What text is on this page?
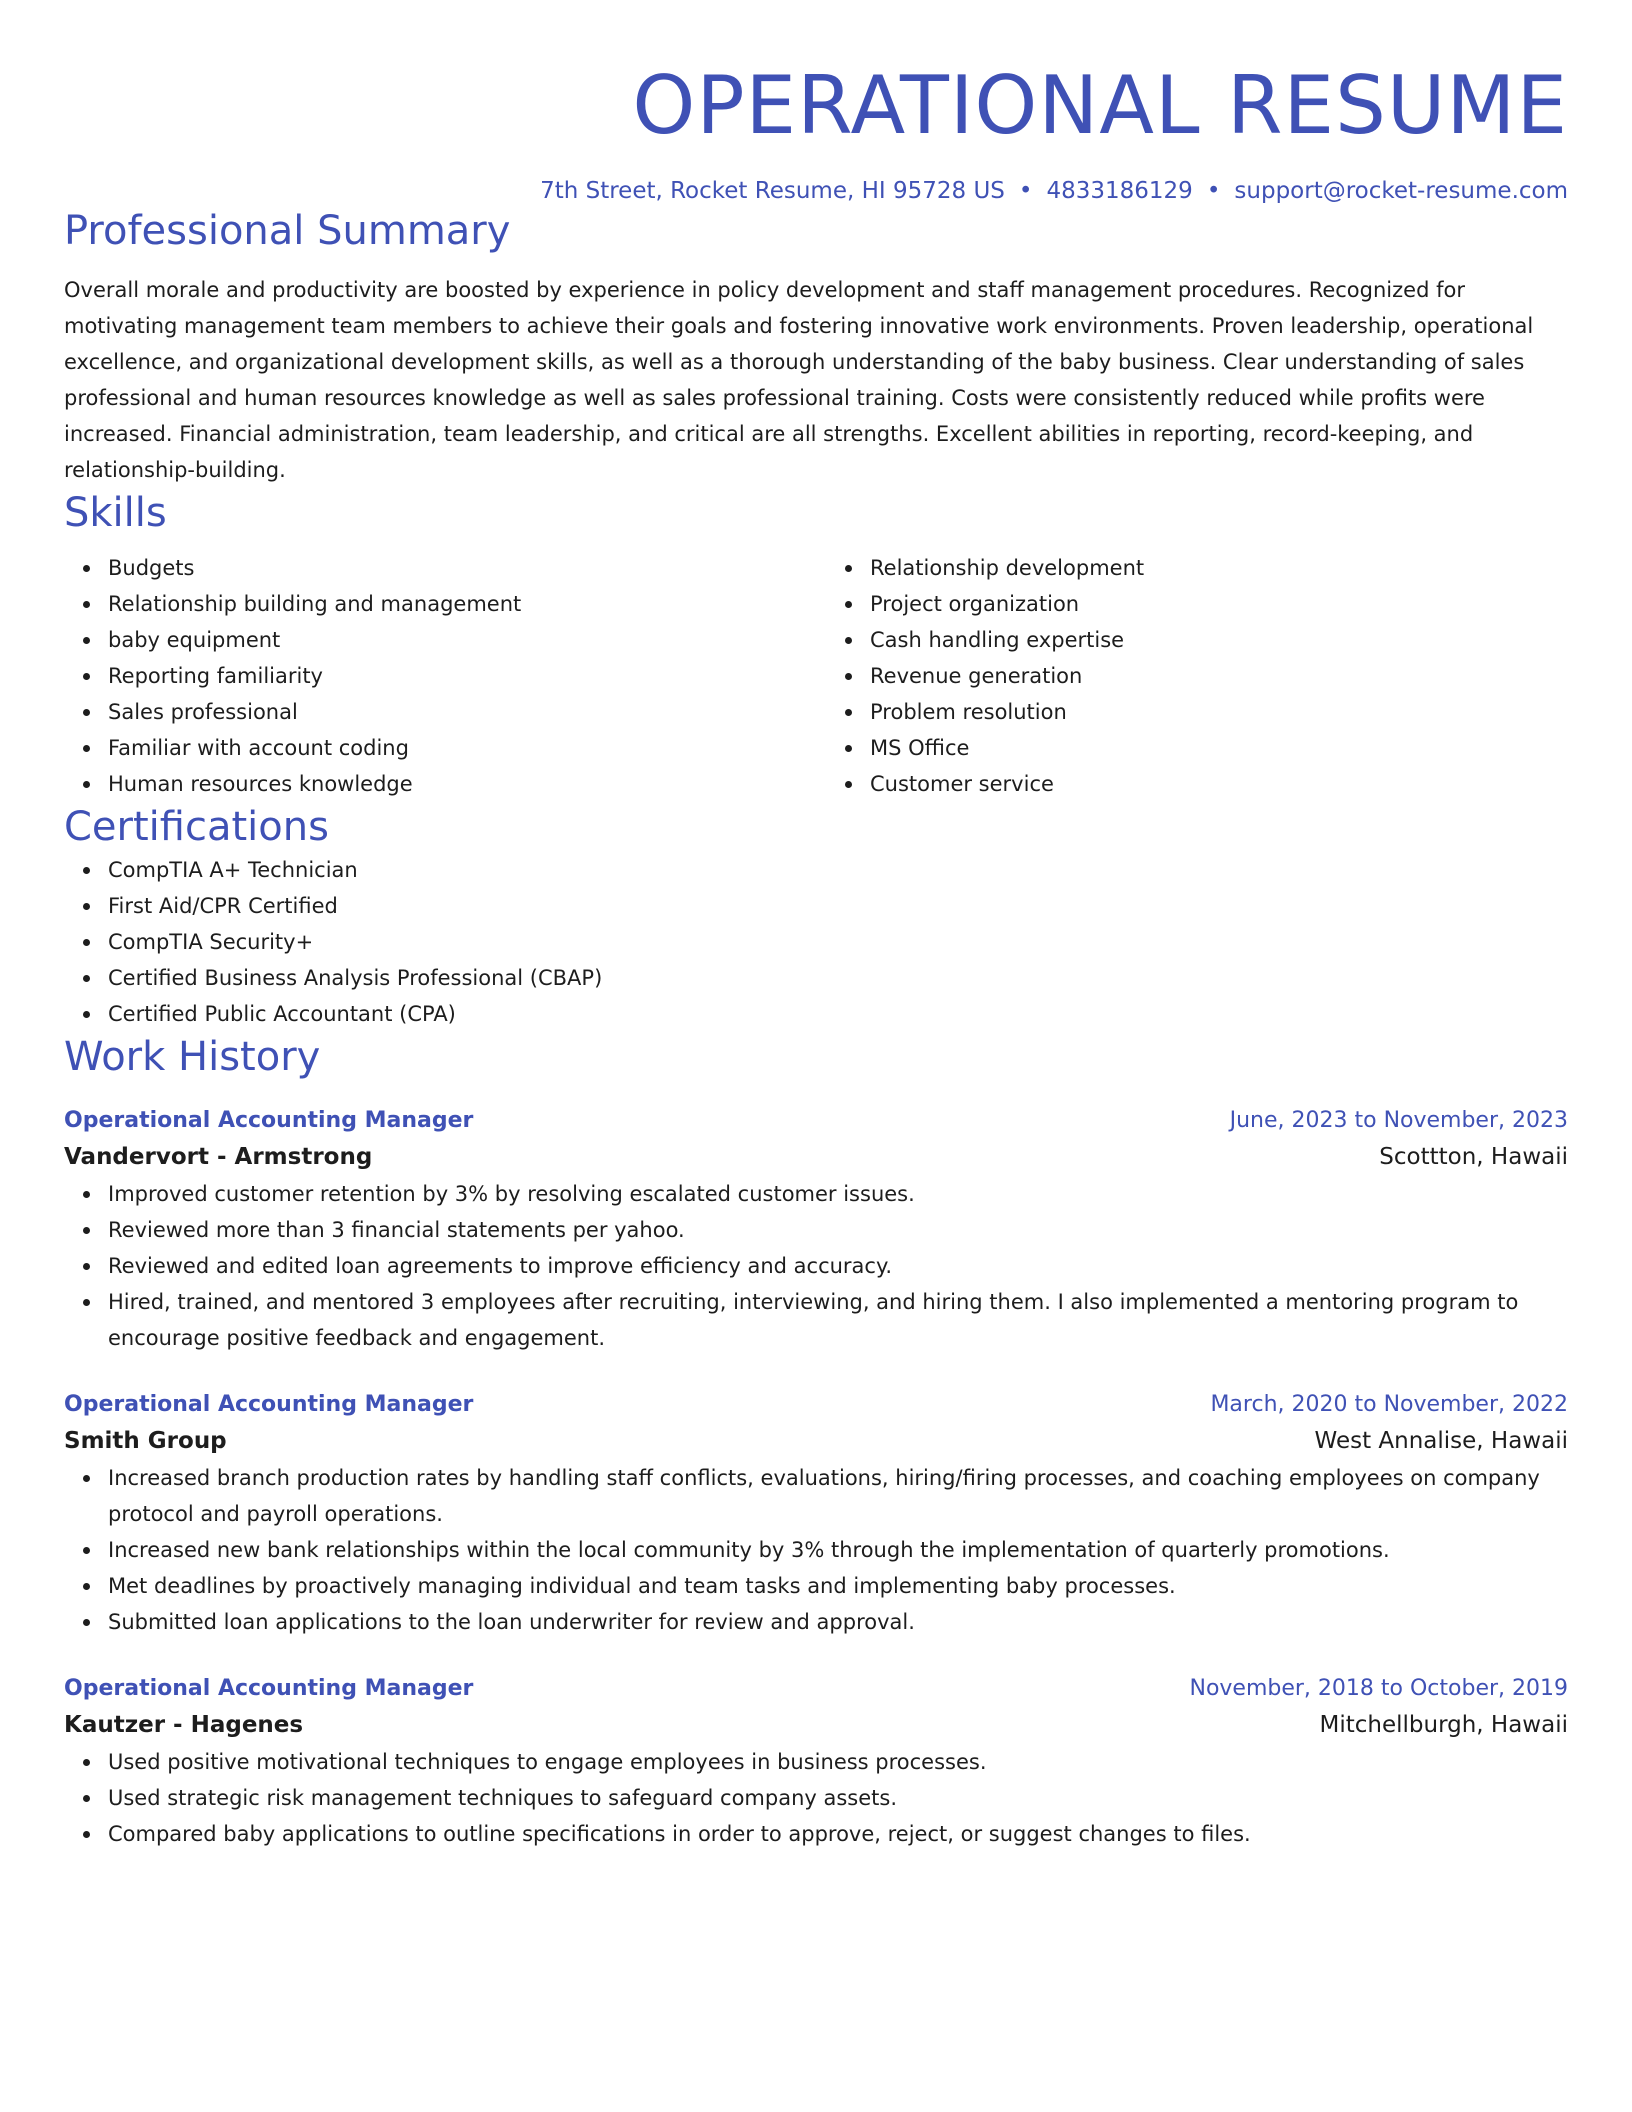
OPERATIONAL RESUME
7th Street, Rocket Resume, HI 95728 US • 4833186129 • support@rocket-resume.com
Professional Summary

Overall morale and productivity are boosted by experience in policy development and staff management procedures. Recognized for motivating management team members to achieve their goals and fostering innovative work environments. Proven leadership, operational excellence, and organizational development skills, as well as a thorough understanding of the baby business. Clear understanding of sales professional and human resources knowledge as well as sales professional training. Costs were consistently reduced while profits were increased. Financial administration, team leadership, and critical are all strengths. Excellent abilities in reporting, record-keeping, and relationship-building.

Skills
Budgets
Relationship building and management
baby equipment
Reporting familiarity
Sales professional
Familiar with account coding
Human resources knowledge
Relationship development
Project organization
Cash handling expertise
Revenue generation
Problem resolution
MS Office
Customer service
Certifications
CompTIA A+ Technician
First Aid/CPR Certified
CompTIA Security+
Certified Business Analysis Professional (CBAP)
Certified Public Accountant (CPA)
Work History
Operational Accounting Manager	June, 2023 to November, 2023
Vandervort - Armstrong	Scottton, Hawaii
Improved customer retention by 3% by resolving escalated customer issues.
Reviewed more than 3 financial statements per yahoo.
Reviewed and edited loan agreements to improve efficiency and accuracy.
Hired, trained, and mentored 3 employees after recruiting, interviewing, and hiring them. I also implemented a mentoring program to encourage positive feedback and engagement.
Operational Accounting Manager	March, 2020 to November, 2022
Smith Group	West Annalise, Hawaii
Increased branch production rates by handling staff conflicts, evaluations, hiring/firing processes, and coaching employees on company protocol and payroll operations.
Increased new bank relationships within the local community by 3% through the implementation of quarterly promotions.
Met deadlines by proactively managing individual and team tasks and implementing baby processes.
Submitted loan applications to the loan underwriter for review and approval.
Operational Accounting Manager	November, 2018 to October, 2019
Kautzer - Hagenes	Mitchellburgh, Hawaii
Used positive motivational techniques to engage employees in business processes.
Used strategic risk management techniques to safeguard company assets.
Compared baby applications to outline specifications in order to approve, reject, or suggest changes to files.
